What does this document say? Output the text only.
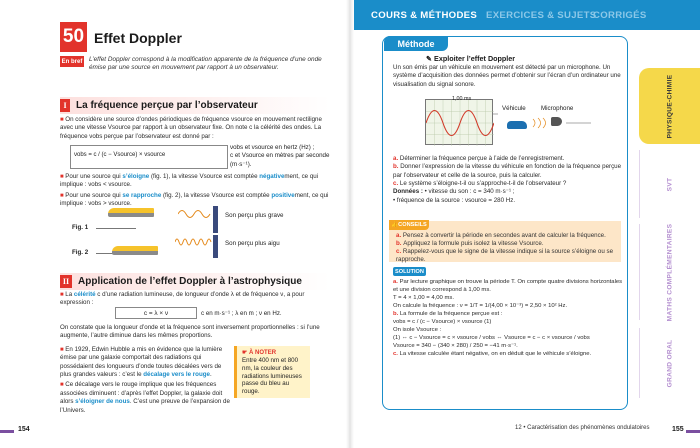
50 Effet Doppler
En bref L’effet Doppler correspond à la modification apparente de la fréquence d’une onde émise par une source en mouvement par rapport à un observateur.
I La fréquence perçue par l’observateur

■ On considère une source d’ondes périodiques de fréquence νsource en mouvement rectiligne avec une vitesse Vsource par rapport à un observateur fixe. On note c la célérité des ondes. La fréquence νobs perçue par l’observateur est donné par :

νobs = c / (c − Vsource) × νsource
νobs et νsource en hertz (Hz) ;
c et Vsource en mètres par seconde (m·s⁻¹).

■ Pour une source qui s’éloigne (fig. 1), la vitesse Vsource est comptée négativement, ce qui implique : νobs < νsource.

■ Pour une source qui se rapproche (fig. 2), la vitesse Vsource est comptée positivement, ce qui implique : νobs > νsource.

Fig. 1
Fig. 2
Son perçu plus grave
Son perçu plus aigu
II Application de l’effet Doppler à l’astrophysique

■ La célérité c d’une radiation lumineuse, de longueur d’onde λ et de fréquence ν, a pour expression :

c = λ × ν	c en m·s⁻¹ ; λ en m ; ν en Hz.

On constate que la longueur d’onde et la fréquence sont inversement proportionnelles : si l’une augmente, l’autre diminue dans les mêmes proportions.

■ En 1929, Edwin Hubble a mis en évidence que la lumière émise par une galaxie comportait des radiations qui possédaient des longueurs d’onde toutes décalées vers de plus grandes valeurs : c’est le décalage vers le rouge.

■ Ce décalage vers le rouge implique que les fréquences associées diminuent : d’après l’effet Doppler, la galaxie doit alors s’éloigner de nous. C’est une preuve de l’expansion de l’Univers.

☛ À NOTER
Entre 400 nm et 800 nm, la couleur des radiations lumineuses passe du bleu au rouge.
154
COURS & MÉTHODES EXERCICES & SUJETS
CORRIGÉS
Méthode
✎ Exploiter l’effet Doppler
Un son émis par un véhicule en mouvement est détecté par un microphone. Un système d’acquisition des données permet d’obtenir sur l’écran d’un ordinateur une visualisation du signal sonore.
1,00 ms
Véhicule Microphone

a. Déterminer la fréquence perçue à l’aide de l’enregistrement.

b. Donner l’expression de la vitesse du véhicule en fonction de la fréquence perçue par l’observateur et celle de la source, puis la calculer.

c. Le système s’éloigne-t-il ou s’approche-t-il de l’observateur ?

Données : • vitesse du son : c = 340 m·s⁻¹ ;

• fréquence de la source : νsource = 280 Hz.

👍 CONSEILS

a. Pensez à convertir la période en secondes avant de calculer la fréquence.

b. Appliquez la formule puis isolez la vitesse Vsource.

c. Rappelez-vous que le signe de la vitesse indique si la source s’éloigne ou se rapproche.

SOLUTION

a. Par lecture graphique on trouve la période T. On compte quatre divisions horizontales et une division correspond à 1,00 ms.

T = 4 × 1,00 = 4,00 ms.

On calcule la fréquence : ν = 1/T = 1/(4,00 × 10⁻³) = 2,50 × 10² Hz.

b. La formule de la fréquence perçue est :

νobs = c / (c − Vsource) × νsource (1)

On isole Vsource :

(1) ⇔ c − Vsource = c × νsource / νobs ⇔ Vsource = c − c × νsource / νobs

Vsource = 340 − (340 × 280) / 250 = −41 m·s⁻¹.

c. La vitesse calculée étant négative, on en déduit que le véhicule s’éloigne.

PHYSIQUE-CHIMIE
SVT
MATHS COMPLÉMENTAIRES
GRAND ORAL
12 • Caractérisation des phénomènes ondulatoires	155
